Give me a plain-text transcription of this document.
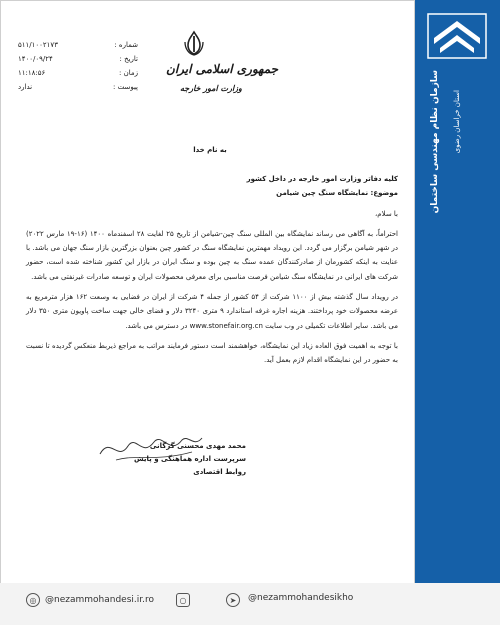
سازمان نظام مهندسی ساختمان	استان خراسان رضوی
شماره :
۵۱۱/۱۰۰۲۱۷۳
تاریخ :
۱۴۰۰/۰۹/۲۴
زمان :
۱۱:۱۸:۵۶
پیوست :
ندارد
جمهوری اسلامی ایران
وزارت امور خارجه
به نام خدا

کلیه دفاتر وزارت امور خارجه در داخل کشور

موضوع: نمایشگاه سنگ چین شیامن

با سلام،

احتراماً، به آگاهی می رساند نمایشگاه بین المللی سنگ چین-شیامن از تاریخ ۲۵ لغایت ۲۸ اسفندماه ۱۴۰۰ (۱۶-۱۹ مارس ۲۰۲۲) در شهر شیامن برگزار می گردد. این رویداد مهمترین نمایشگاه سنگ در کشور چین بعنوان بزرگترین بازار سنگ جهان می باشد. با عنایت به اینکه کشورمان از صادرکنندگان عمده سنگ به چین بوده و سنگ ایران در بازار این کشور شناخته شده است، حضور شرکت های ایرانی در نمایشگاه سنگ شیامن فرصت مناسبی برای معرفی محصولات ایران و توسعه صادرات غیرنفتی می باشد.

در رویداد سال گذشته بیش از ۱۱۰۰ شرکت از ۵۴ کشور از جمله ۴ شرکت از ایران در فضایی به وسعت ۱۶۲ هزار مترمربع به عرضه محصولات خود پرداختند. هزینه اجاره غرفه استاندارد ۹ متری ۳۲۴۰ دلار و فضای خالی جهت ساخت پاویون متری ۳۵۰ دلار می باشد. سایر اطلاعات تکمیلی در وب سایت www.stonefair.org.cn در دسترس می باشد.

با توجه به اهمیت فوق العاده زیاد این نمایشگاه، خواهشمند است دستور فرمایند مراتب به مراجع ذیربط منعکس گردیده تا نسبت به حضور در این نمایشگاه اقدام لازم بعمل آید.

محمد مهدی محسنی گرگانی
سرپرست اداره هماهنگی و پایش روابط اقتصادی
◎ @nezammohandesi.ir.ro	○	➤	@nezammohandesikho
